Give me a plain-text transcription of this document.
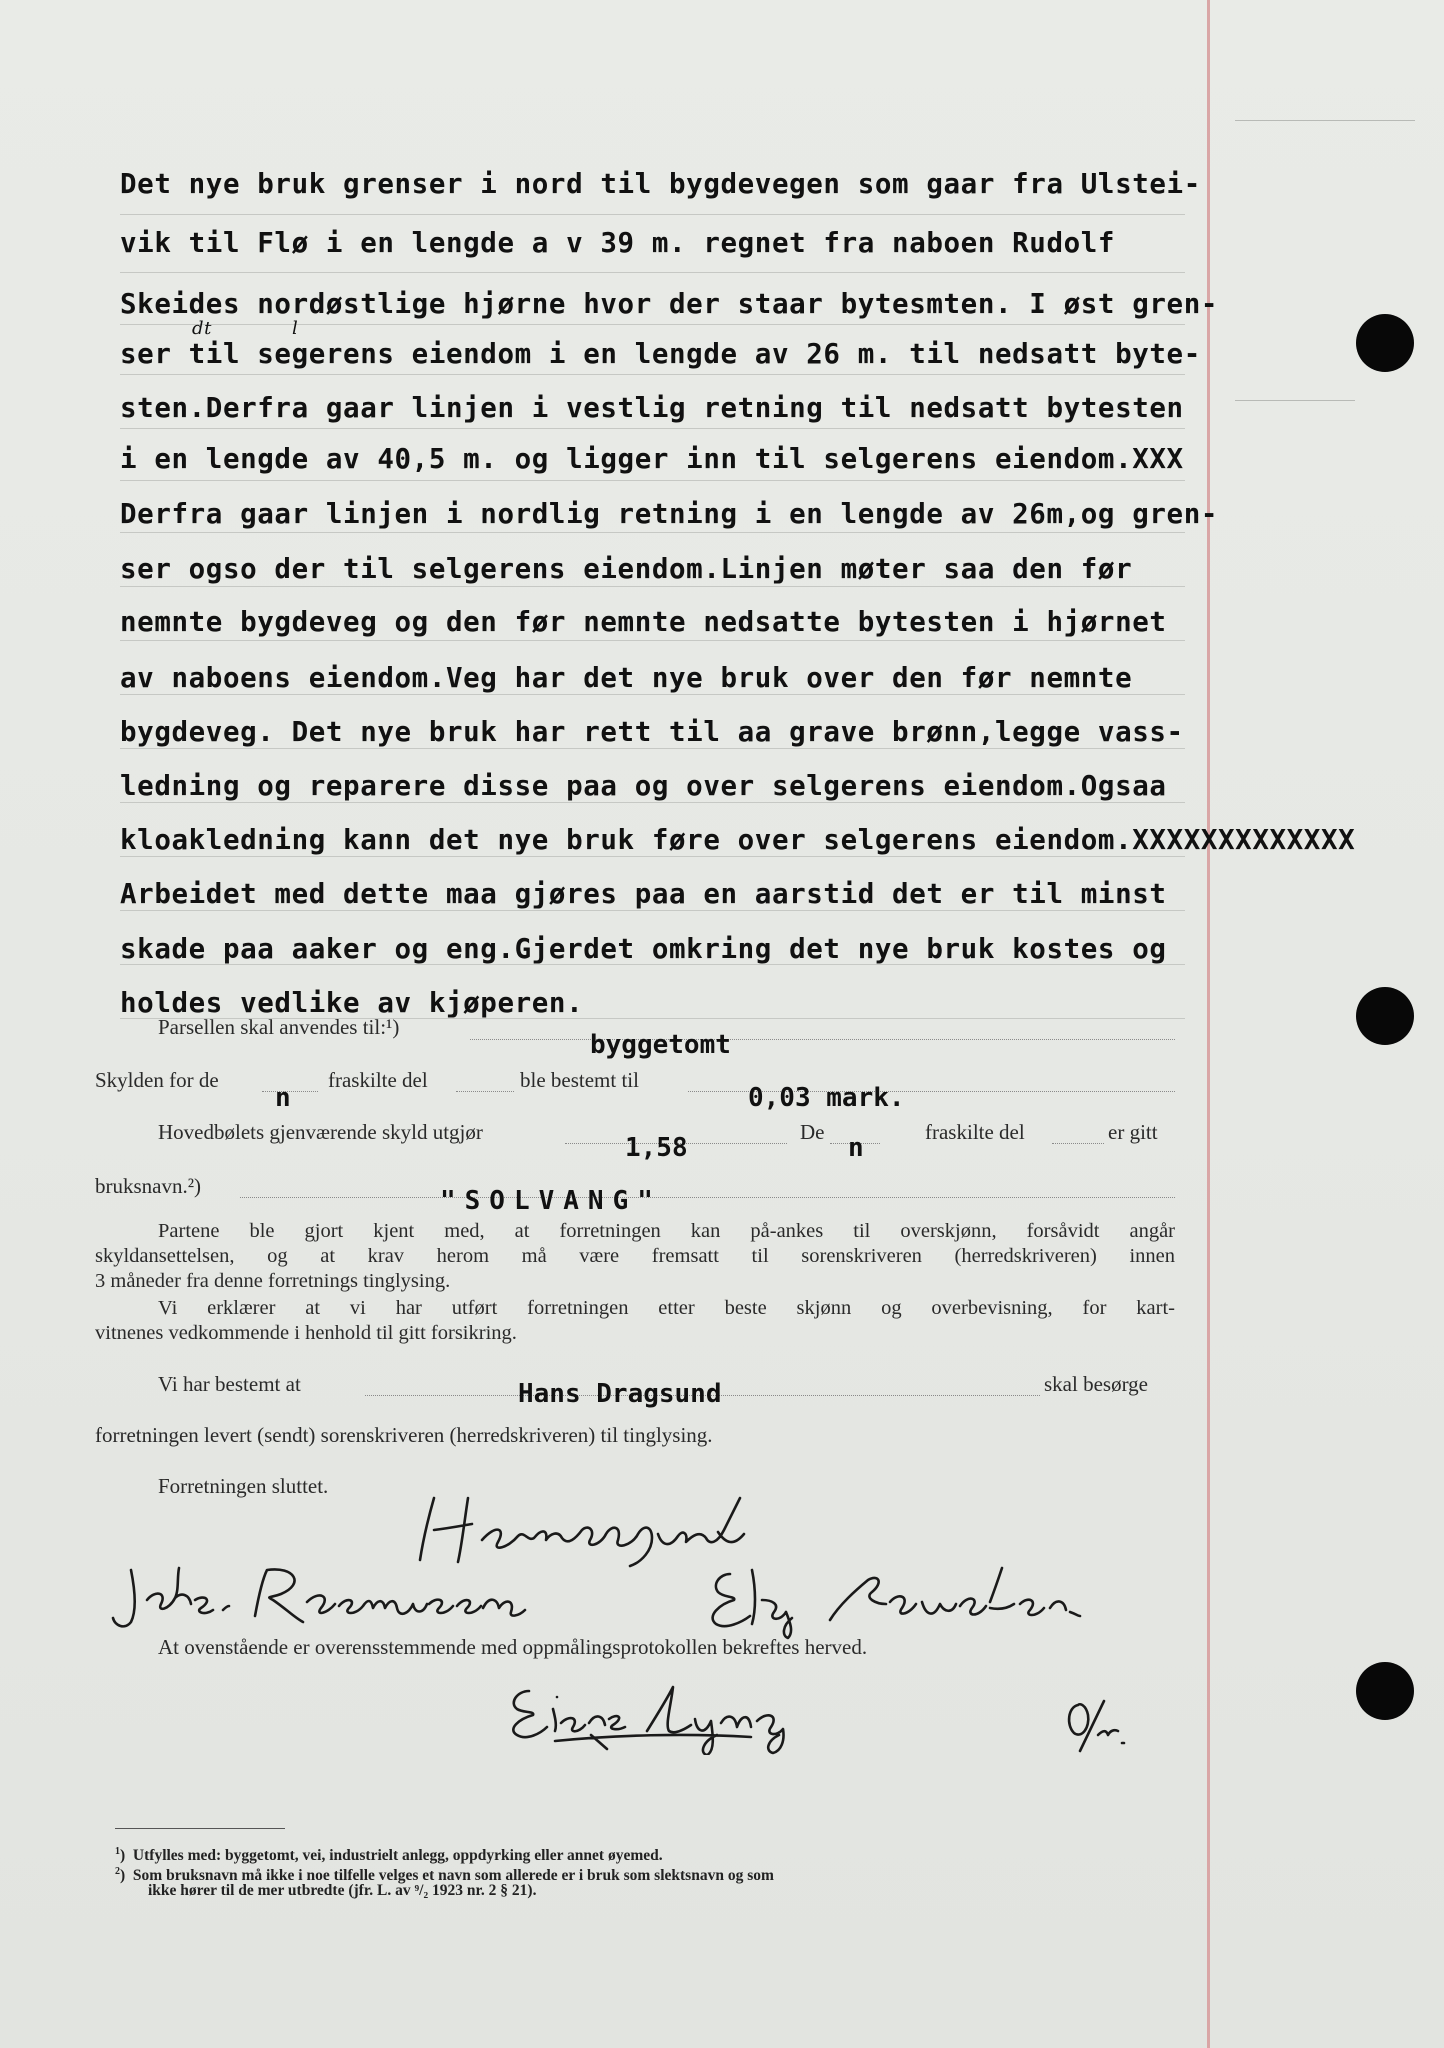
Det nye bruk grenser i nord til bygdevegen som gaar fra Ulstei-
vik til Flø i en lengde a v 39 m. regnet fra naboen Rudolf
Skeides nordøstlige hjørne hvor der staar bytesmten. I øst gren-
dt	l
ser til segerens eiendom i en lengde av 26 m. til nedsatt byte-
sten.Derfra gaar linjen i vestlig retning til nedsatt bytesten
i en lengde av 40,5 m. og ligger inn til selgerens eiendom.XXX
Derfra gaar linjen i nordlig retning i en lengde av 26m,og gren-
ser ogso der til selgerens eiendom.Linjen møter saa den før
nemnte bygdeveg og den før nemnte nedsatte bytesten i hjørnet
av naboens eiendom.Veg har det nye bruk over den før nemnte
bygdeveg. Det nye bruk har rett til aa grave brønn,legge vass-
ledning og reparere disse paa og over selgerens eiendom.Ogsaa
kloakledning kann det nye bruk føre over selgerens eiendom.XXXXXXXXXXXXX
Arbeidet med dette maa gjøres paa en aarstid det er til minst
skade paa aaker og eng.Gjerdet omkring det nye bruk kostes og
holdes vedlike av kjøperen.
Parsellen skal anvendes til:¹)
byggetomt
Skylden for de
n
fraskilte del	ble bestemt til
0,03 mark.
Hovedbølets gjenværende skyld utgjør
1,58
De
n
fraskilte del	er gitt
bruksnavn.²)	"SOLVANG"
Partene ble gjort kjent med, at forretningen kan på-ankes til overskjønn, forsåvidt angår
skyldansettelsen, og at krav herom må være fremsatt til sorenskriveren (herredskriveren) innen
3 måneder fra denne forretnings tinglysing.
Vi erklærer at vi har utført forretningen etter beste skjønn og overbevisning, for kart-
vitnenes vedkommende i henhold til gitt forsikring.
Vi har bestemt at	Hans Dragsund	skal besørge
forretningen levert (sendt) sorenskriveren (herredskriveren) til tinglysing.
Forretningen sluttet.
At ovenstående er overensstemmende med oppmålingsprotokollen bekreftes herved.
$^1$)  Utfylles med: byggetomt, vei, industrielt anlegg, oppdyrking eller annet øyemed.
$^2$)  Som bruksnavn må ikke i noe tilfelle velges et navn som allerede er i bruk som slektsnavn og som
ikke hører til de mer utbredte (jfr. L. av ⁹/₂ 1923 nr. 2 § 21).
